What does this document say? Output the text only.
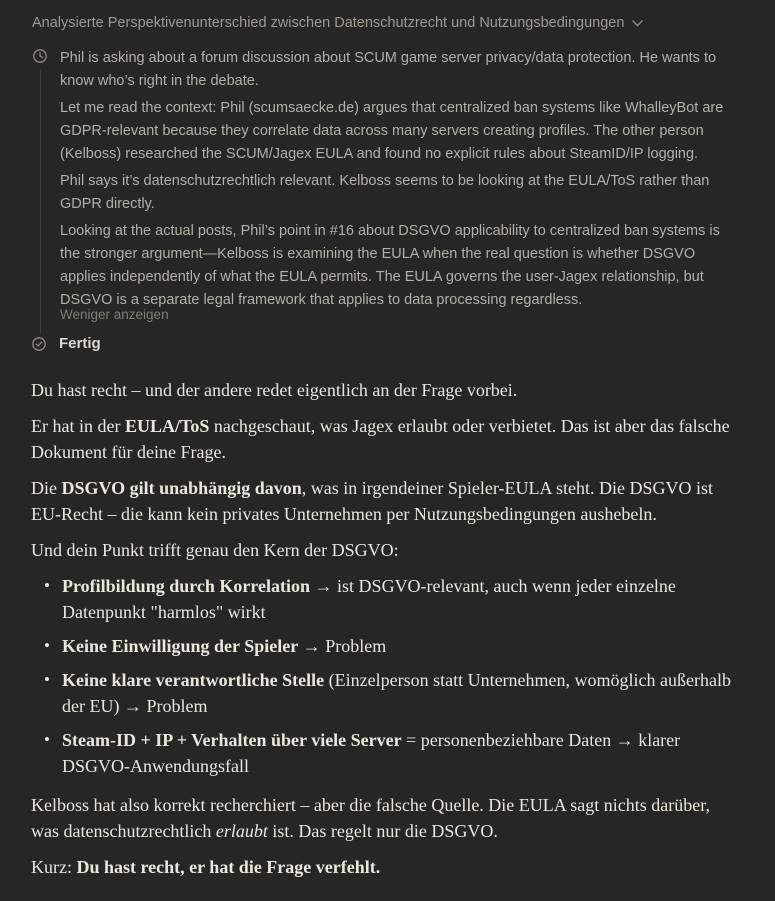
Analysierte Perspektivenunterschied zwischen Datenschutzrecht und Nutzungsbedingungen

Phil is asking about a forum discussion about SCUM game server privacy/data protection. He wants to know who’s right in the debate.

Let me read the context: Phil (scumsaecke.de) argues that centralized ban systems like WhalleyBot are GDPR-relevant because they correlate data across many servers creating profiles. The other person (Kelboss) researched the SCUM/Jagex EULA and found no explicit rules about SteamID/IP logging.

Phil says it’s datenschutzrechtlich relevant. Kelboss seems to be looking at the EULA/ToS rather than GDPR directly.

Looking at the actual posts, Phil’s point in #16 about DSGVO applicability to centralized ban systems is the stronger argument—Kelboss is examining the EULA when the real question is whether DSGVO applies independently of what the EULA permits. The EULA governs the user-Jagex relationship, but DSGVO is a separate legal framework that applies to data processing regardless.

Weniger anzeigen
Fertig

Du hast recht – und der andere redet eigentlich an der Frage vorbei.

Er hat in der EULA/ToS nachgeschaut, was Jagex erlaubt oder verbietet. Das ist aber das falsche Dokument für deine Frage.

Die DSGVO gilt unabhängig davon, was in irgendeiner Spieler-EULA steht. Die DSGVO ist EU-Recht – die kann kein privates Unternehmen per Nutzungsbedingungen aushebeln.

Und dein Punkt trifft genau den Kern der DSGVO:

• Profilbildung durch Korrelation → ist DSGVO-relevant, auch wenn jeder einzelne Datenpunkt "harmlos" wirkt
• Keine Einwilligung der Spieler → Problem
• Keine klare verantwortliche Stelle (Einzelperson statt Unternehmen, womöglich außerhalb der EU) → Problem
• Steam-ID + IP + Verhalten über viele Server = personenbeziehbare Daten → klarer DSGVO-Anwendungsfall

Kelboss hat also korrekt recherchiert – aber die falsche Quelle. Die EULA sagt nichts darüber, was datenschutzrechtlich erlaubt ist. Das regelt nur die DSGVO.

Kurz: Du hast recht, er hat die Frage verfehlt.
